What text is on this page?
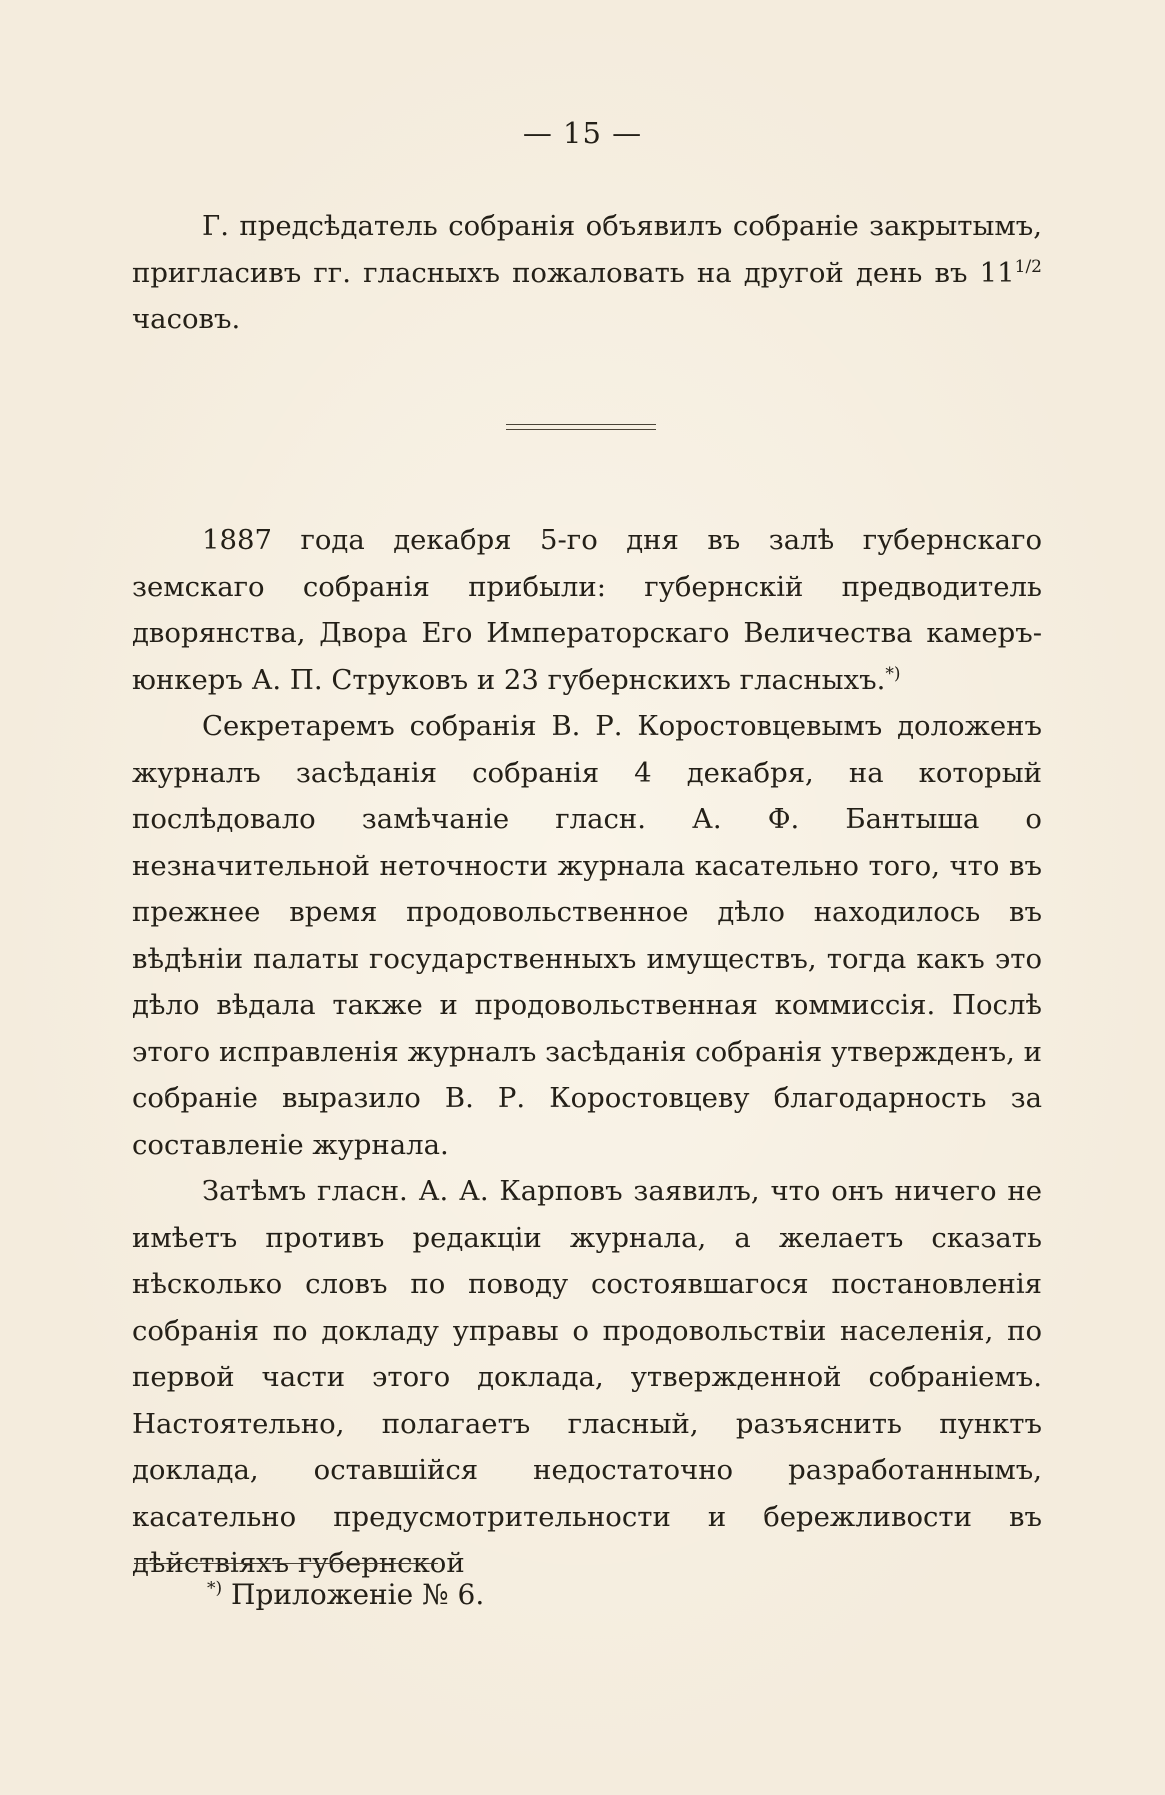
— 15 —

Г. предсѣдатель собранія объявилъ собраніе закрытымъ, пригласивъ гг. гласныхъ пожаловать на другой день въ $11^{1/2}$ часовъ.

1887 года декабря 5-го дня въ залѣ губернскаго земскаго собранія прибыли: губернскій предводитель дворянства, Двора Его Императорскаго Величества камеръ-юнкеръ А. П. Струковъ и 23 губернскихъ гласныхъ.*)

Секретаремъ собранія В. Р. Коростовцевымъ доложенъ журналъ засѣданія собранія 4 декабря, на который послѣдовало замѣчаніе гласн. А. Ф. Бантыша о незначительной неточности журнала касательно того, что въ прежнее время продовольственное дѣло находилось въ вѣдѣніи палаты государственныхъ имуществъ, тогда какъ это дѣло вѣдала также и продовольственная коммиссія. Послѣ этого исправленія журналъ засѣданія собранія утвержденъ, и собраніе выразило В. Р. Коростовцеву благодарность за составленіе журнала.

Затѣмъ гласн. А. А. Карповъ заявилъ, что онъ ничего не имѣетъ противъ редакціи журнала, а желаетъ сказать нѣсколько словъ по поводу состоявшагося постановленія собранія по докладу управы о продовольствіи населенія, по первой части этого доклада, утвержденной собраніемъ. Настоятельно, полагаетъ гласный, разъяснить пунктъ доклада, оставшійся недостаточно разработаннымъ, касательно предусмотрительности и бережливости въ дѣйствіяхъ губернской

*) Приложеніе № 6.
